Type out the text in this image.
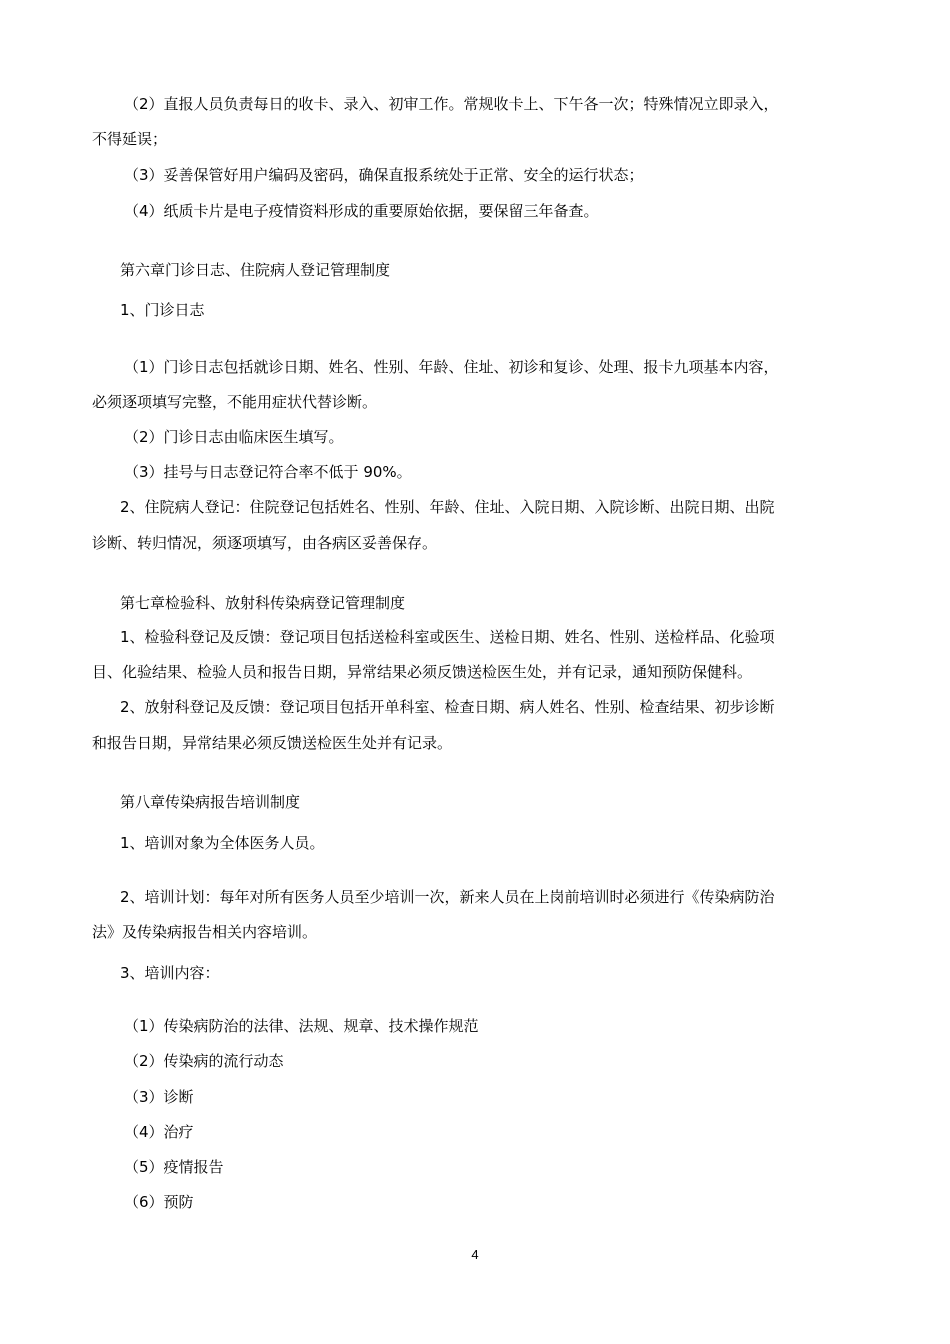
（2）直报人员负责每日的收卡、录入、初审工作。常规收卡上、下午各一次；特殊情况立即录入，

不得延误；

（3）妥善保管好用户编码及密码，确保直报系统处于正常、安全的运行状态；

（4）纸质卡片是电子疫情资料形成的重要原始依据，要保留三年备查。

第六章门诊日志、住院病人登记管理制度

1、门诊日志

（1）门诊日志包括就诊日期、姓名、性别、年龄、住址、初诊和复诊、处理、报卡九项基本内容，

必须逐项填写完整，不能用症状代替诊断。

（2）门诊日志由临床医生填写。

（3）挂号与日志登记符合率不低于 90%。

2、住院病人登记：住院登记包括姓名、性别、年龄、住址、入院日期、入院诊断、出院日期、出院

诊断、转归情况，须逐项填写，由各病区妥善保存。

第七章检验科、放射科传染病登记管理制度

1、检验科登记及反馈：登记项目包括送检科室或医生、送检日期、姓名、性别、送检样品、化验项

目、化验结果、检验人员和报告日期，异常结果必须反馈送检医生处，并有记录，通知预防保健科。

2、放射科登记及反馈：登记项目包括开单科室、检查日期、病人姓名、性别、检查结果、初步诊断

和报告日期，异常结果必须反馈送检医生处并有记录。

第八章传染病报告培训制度

1、培训对象为全体医务人员。

2、培训计划：每年对所有医务人员至少培训一次，新来人员在上岗前培训时必须进行《传染病防治

法》及传染病报告相关内容培训。

3、培训内容：

（1）传染病防治的法律、法规、规章、技术操作规范

（2）传染病的流行动态

（3）诊断

（4）治疗

（5）疫情报告

（6）预防

4
